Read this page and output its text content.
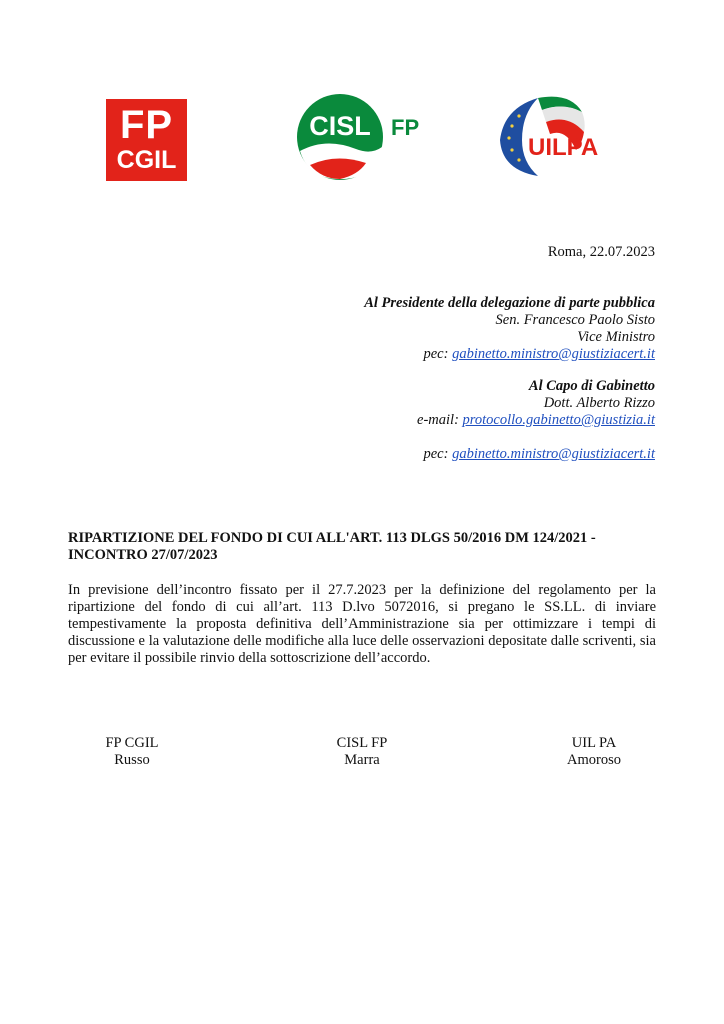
FP
CGIL
CISL FP
UILPA
Roma, 22.07.2023
Al Presidente della delegazione di parte pubblica
Sen. Francesco Paolo Sisto
Vice Ministro
pec: gabinetto.ministro@giustiziacert.it
Al Capo di Gabinetto
Dott. Alberto Rizzo
e-mail: protocollo.gabinetto@giustizia.it
pec: gabinetto.ministro@giustiziacert.it
RIPARTIZIONE DEL FONDO DI CUI ALL'ART. 113 DLGS 50/2016 DM 124/2021 -
INCONTRO 27/07/2023
In previsione dell’incontro fissato per il 27.7.2023 per la definizione del regolamento per la ripartizione del fondo di cui all’art. 113 D.lvo 5072016, si pregano le SS.LL. di inviare tempestivamente la proposta definitiva dell’Amministrazione sia per ottimizzare i tempi di discussione e la valutazione delle modifiche alla luce delle osservazioni depositate dalle scriventi, sia per evitare il possibile rinvio della sottoscrizione dell’accordo.
FP CGIL
Russo
CISL FP
Marra
UIL PA
Amoroso
